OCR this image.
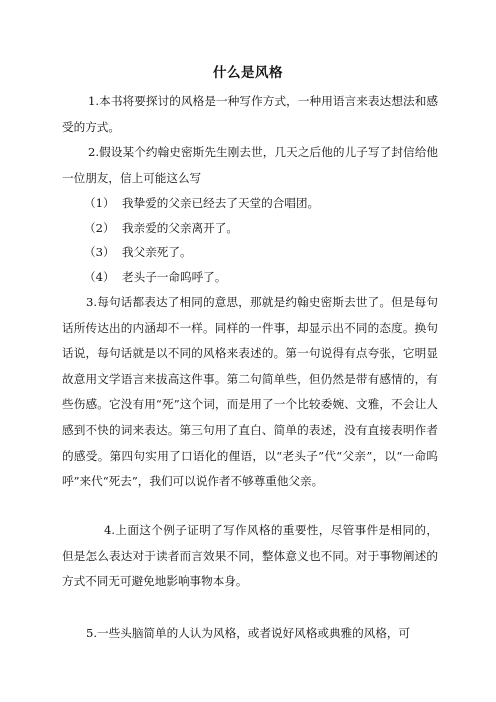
什么是风格
1.本书将要探讨的风格是一种写作方式，一种用语言来表达想法和感受的方式。
2.假设某个约翰史密斯先生刚去世，几天之后他的儿子写了封信给他一位朋友，信上可能这么写
（1） 我挚爱的父亲已经去了天堂的合唱团。
（2） 我亲爱的父亲离开了。
（3） 我父亲死了。
（4） 老头子一命呜呼了。
3.每句话都表达了相同的意思，那就是约翰史密斯去世了。但是每句话所传达出的内涵却不一样。同样的一件事，却显示出不同的态度。换句话说，每句话就是以不同的风格来表述的。第一句说得有点夸张，它明显故意用文学语言来拔高这件事。第二句简单些，但仍然是带有感情的，有些伤感。它没有用“死”这个词，而是用了一个比较委婉、文雅，不会让人感到不快的词来表达。第三句用了直白、简单的表述，没有直接表明作者的感受。第四句实用了口语化的俚语，以“老头子”代“父亲”，以“一命呜呼”来代“死去”，我们可以说作者不够尊重他父亲。
4.上面这个例子证明了写作风格的重要性，尽管事件是相同的，但是怎么表达对于读者而言效果不同，整体意义也不同。对于事物阐述的方式不同无可避免地影响事物本身。
5.一些头脑简单的人认为风格，或者说好风格或典雅的风格，可
